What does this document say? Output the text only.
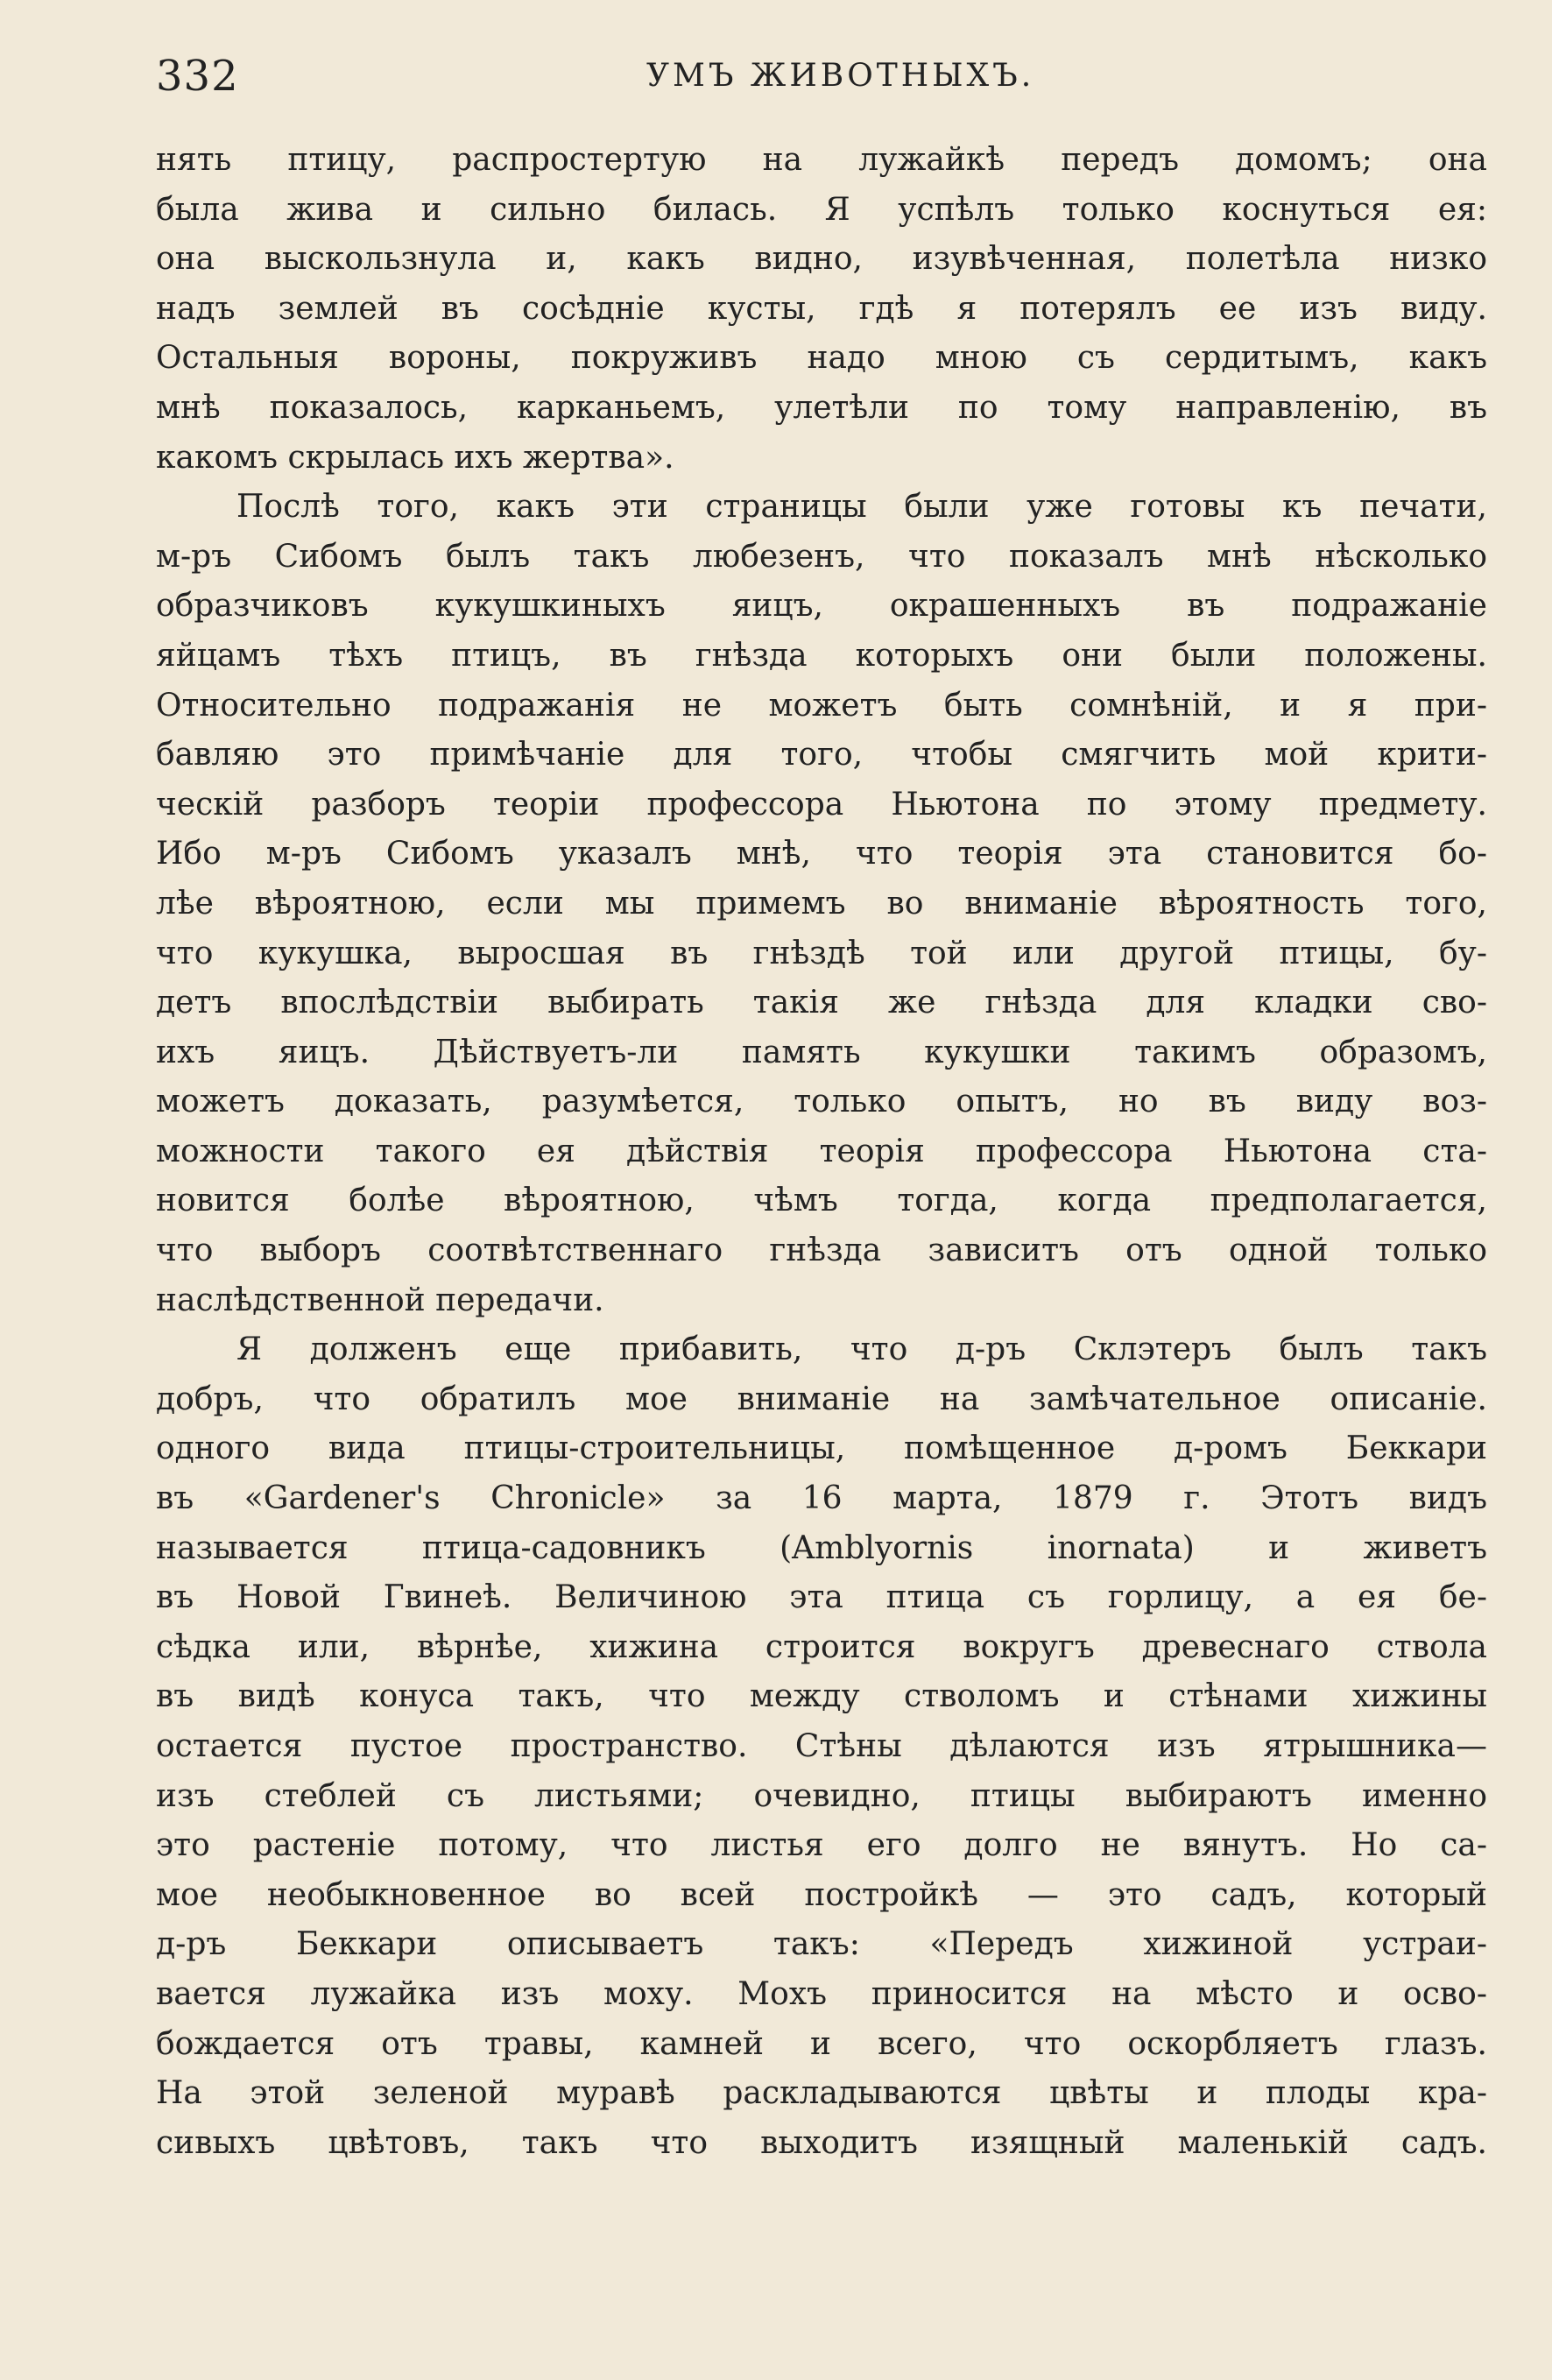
332	УМЪ ЖИВОТНЫХЪ.

нять птицу, распростертую на лужайкѣ передъ домомъ; она
была жива и сильно билась. Я успѣлъ только коснуться ея:
она выскользнула и, какъ видно, изувѣченная, полетѣла низко
надъ землей въ сосѣдніе кусты, гдѣ я потерялъ ее изъ виду.
Остальныя вороны, покруживъ надо мною съ сердитымъ, какъ
мнѣ показалось, карканьемъ, улетѣли по тому направленію, въ
какомъ скрылась ихъ жертва».

Послѣ того, какъ эти страницы были уже готовы къ печати,
м-ръ Сибомъ былъ такъ любезенъ, что показалъ мнѣ нѣсколько
образчиковъ кукушкиныхъ яицъ, окрашенныхъ въ подражаніе
яйцамъ тѣхъ птицъ, въ гнѣзда которыхъ они были положены.
Относительно подражанія не можетъ быть сомнѣній, и я при-
бавляю это примѣчаніе для того, чтобы смягчить мой крити-
ческій разборъ теоріи профессора Ньютона по этому предмету.
Ибо м-ръ Сибомъ указалъ мнѣ, что теорія эта становится бо-
лѣе вѣроятною, если мы примемъ во вниманіе вѣроятность того,
что кукушка, выросшая въ гнѣздѣ той или другой птицы, бу-
детъ впослѣдствіи выбирать такія же гнѣзда для кладки сво-
ихъ яицъ. Дѣйствуетъ-ли память кукушки такимъ образомъ,
можетъ доказать, разумѣется, только опытъ, но въ виду воз-
можности такого ея дѣйствія теорія профессора Ньютона ста-
новится болѣе вѣроятною, чѣмъ тогда, когда предполагается,
что выборъ соотвѣтственнаго гнѣзда зависитъ отъ одной только
наслѣдственной передачи.

Я долженъ еще прибавить, что д-ръ Склэтеръ былъ такъ
добръ, что обратилъ мое вниманіе на замѣчательное описаніе.
одного вида птицы-строительницы, помѣщенное д-ромъ Беккари
въ «Gardener's Chronicle» за 16 марта, 1879 г. Этотъ видъ
называется птица-садовникъ (Amblyornis inornata) и живетъ
въ Новой Гвинеѣ. Величиною эта птица съ горлицу, а ея бе-
сѣдка или, вѣрнѣе, хижина строится вокругъ древеснаго ствола
въ видѣ конуса такъ, что между стволомъ и стѣнами хижины
остается пустое пространство. Стѣны дѣлаются изъ ятрышника—
изъ стеблей съ листьями; очевидно, птицы выбираютъ именно
это растеніе потому, что листья его долго не вянутъ. Но са-
мое необыкновенное во всей постройкѣ — это садъ, который
д-ръ Беккари описываетъ такъ: «Передъ хижиной устраи-
вается лужайка изъ моху. Мохъ приносится на мѣсто и осво-
бождается отъ травы, камней и всего, что оскорбляетъ глазъ.
На этой зеленой муравѣ раскладываются цвѣты и плоды кра-
сивыхъ цвѣтовъ, такъ что выходитъ изящный маленькій садъ.
